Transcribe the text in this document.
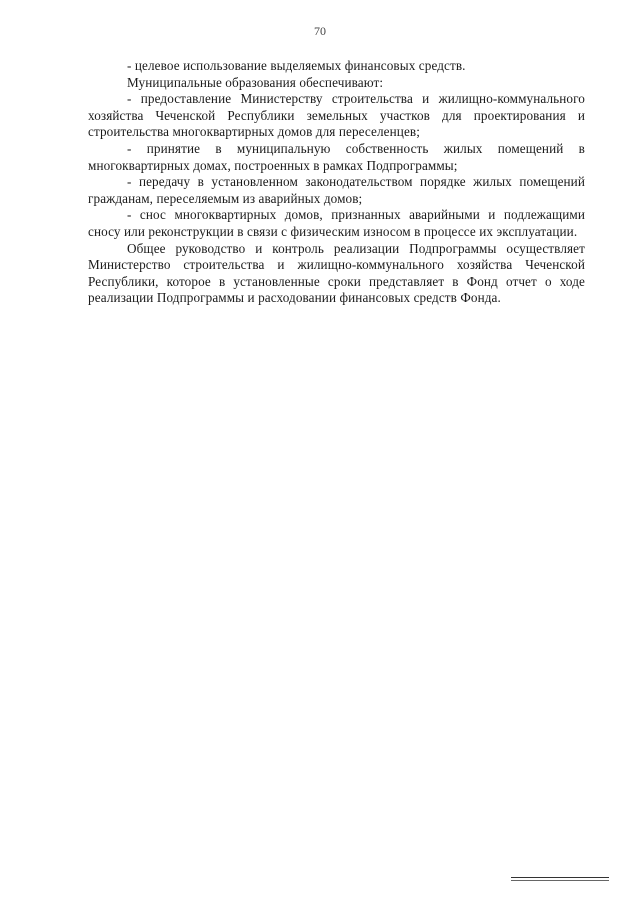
70

- целевое использование выделяемых финансовых средств.

Муниципальные образования обеспечивают:

- предоставление Министерству строительства и жилищно-коммунального хозяйства Чеченской Республики земельных участков для проектирования и строительства многоквартирных домов для переселенцев;

- принятие в муниципальную собственность жилых помещений в многоквартирных домах, построенных в рамках Подпрограммы;

- передачу в установленном законодательством порядке жилых помещений гражданам, переселяемым из аварийных домов;

- снос многоквартирных домов, признанных аварийными и подлежащими сносу или реконструкции в связи с физическим износом в процессе их эксплуатации.

Общее руководство и контроль реализации Подпрограммы осуществляет Министерство строительства и жилищно-коммунального хозяйства Чеченской Республики, которое в установленные сроки представляет в Фонд отчет о ходе реализации Подпрограммы и расходовании финансовых средств Фонда.
